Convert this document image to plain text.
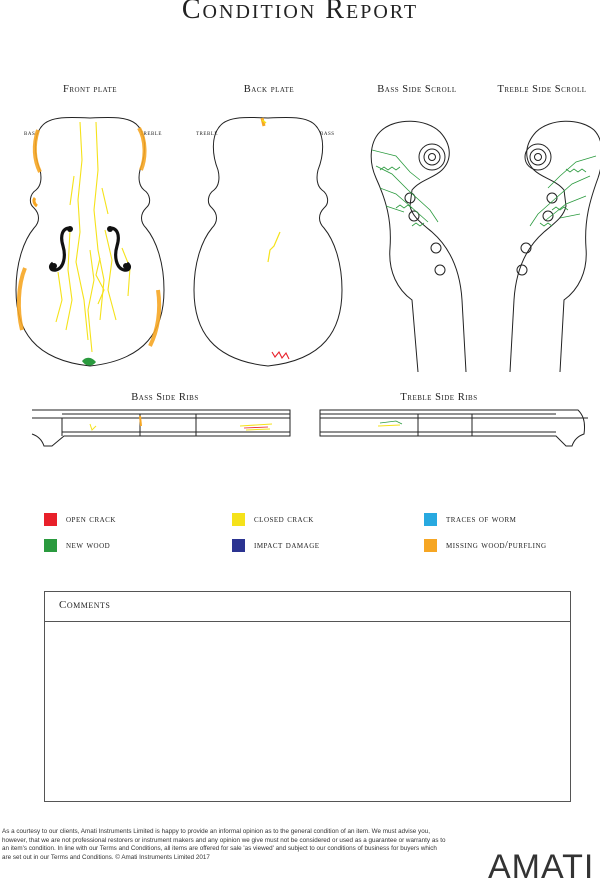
Condition Report
Front plate	Back plate	Bass Side Scroll	Treble Side Scroll
bass	treble	treble	bass
Bass Side Ribs	Treble Side Ribs
open crack	closed crack	traces of worm
new wood	impact damage	missing wood/purfling
Comments
As a courtesy to our clients, Amati Instruments Limited is happy to provide an informal opinion as to the general condition of an item. We must advise you, however, that we are not professional restorers or instrument makers and any opinion we give must not be considered or used as a guarantee or warranty as to an item's condition. In line with our Terms and Conditions, all items are offered for sale 'as viewed' and subject to our conditions of business for buyers which are set out in our Terms and Conditions. © Amati Instruments Limited 2017	AMATI
